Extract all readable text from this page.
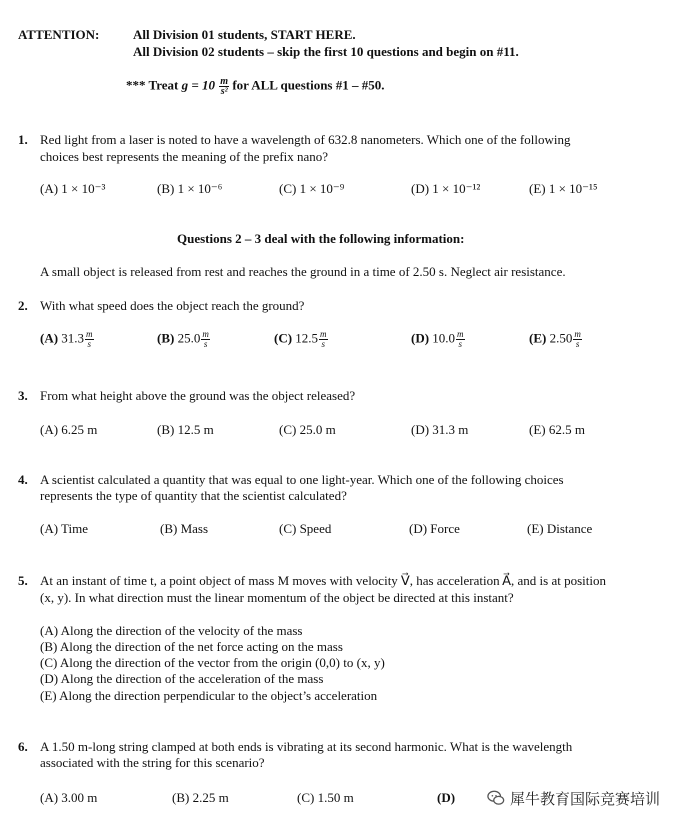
ATTENTION:	All Division 01 students, START HERE.
All Division 02 students – skip the first 10 questions and begin on #11.
*** Treat $g = 10 \frac{m}{\text{s²}}$ for ALL questions #1 – #50.
1. Red light from a laser is noted to have a wavelength of 632.8 nanometers. Which one of the following
choices best represents the meaning of the prefix nano?
(A) 1 × 10⁻³	(B) 1 × 10⁻⁶	(C) 1 × 10⁻⁹	(D) 1 × 10⁻¹²	(E) 1 × 10⁻¹⁵
Questions 2 – 3 deal with the following information:
A small object is released from rest and reaches the ground in a time of 2.50 s. Neglect air resistance.
2. With what speed does the object reach the ground?
(A) $31.3 \frac{m}{s}$	(B) $25.0 \frac{m}{s}$	(C) $12.5 \frac{m}{s}$	(D) $10.0 \frac{m}{s}$	(E) $2.50 \frac{m}{s}$
3. From what height above the ground was the object released?
(A) 6.25 m	(B) 12.5 m	(C) 25.0 m	(D) 31.3 m	(E) 62.5 m
4. A scientist calculated a quantity that was equal to one light-year. Which one of the following choices
represents the type of quantity that the scientist calculated?
(A) Time	(B) Mass	(C) Speed	(D) Force	(E) Distance
5. At an instant of time t, a point object of mass M moves with velocity V⃗, has acceleration A⃗, and is at position
(x, y). In what direction must the linear momentum of the object be directed at this instant?
(A) Along the direction of the velocity of the mass
(B) Along the direction of the net force acting on the mass
(C) Along the direction of the vector from the origin (0,0) to (x, y)
(D) Along the direction of the acceleration of the mass
(E) Along the direction perpendicular to the object’s acceleration
6. A 1.50 m-long string clamped at both ends is vibrating at its second harmonic. What is the wavelength
associated with the string for this scenario?
(A) 3.00 m	(B) 2.25 m	(C) 1.50 m	(D)	犀牛教育国际竞赛培训
